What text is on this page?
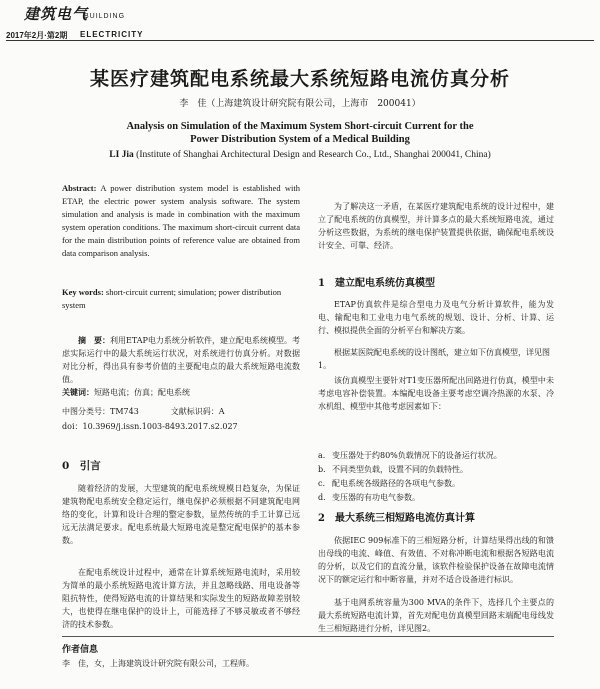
建筑电气
BUILDING
2017年2月·第2期 ELECTRICITY
某医疗建筑配电系统最大系统短路电流仿真分析
李　佳（上海建筑设计研究院有限公司，上海市　200041）
Analysis on Simulation of the Maximum System Short-circuit Current for the
Power Distribution System of a Medical Building
LI Jia (Institute of Shanghai Architectural Design and Research Co., Ltd., Shanghai 200041, China)
Abstract: A power distribution system model is established with ETAP, the electric power system analysis software. The system simulation and analysis is made in combination with the maximum system operation conditions. The maximum short-circuit current data for the main distribution points of reference value are obtained from data comparison analysis.
Key words: short-circuit current; simulation; power distribution system
摘　要：利用ETAP电力系统分析软件，建立配电系统模型。考虑实际运行中的最大系统运行状况，对系统进行仿真分析。对数据对比分析，得出具有参考价值的主要配电点的最大系统短路电流数值。
关键词：短路电流；仿真；配电系统
中图分类号：TM743　　　　文献标识码：A
doi：10.3969/j.issn.1003-8493.2017.s2.027
0　引言
随着经济的发展，大型建筑的配电系统规模日趋复杂，为保证建筑物配电系统安全稳定运行，继电保护必须根据不同建筑配电网络的变化，计算和设计合理的整定参数，显然传统的手工计算已远远无法满足要求。配电系统最大短路电流是整定配电保护的基本参数。
在配电系统设计过程中，通常在计算系统短路电流时，采用较为简单的最小系统短路电流计算方法，并且忽略线路、用电设备等阻抗特性，使得短路电流的计算结果和实际发生的短路故障差别较大，也使得在继电保护的设计上，可能选择了不够灵敏或者不够经济的技术参数。
为了解决这一矛盾，在某医疗建筑配电系统的设计过程中，建立了配电系统的仿真模型，并计算多点的最大系统短路电流，通过分析这些数据，为系统的继电保护装置提供依据，确保配电系统设计安全、可靠、经济。
1　建立配电系统仿真模型
ETAP仿真软件是综合型电力及电气分析计算软件，能为发电、输配电和工业电力电气系统的规划、设计、分析、计算、运行、模拟提供全面的分析平台和解决方案。
根据某医院配电系统的设计图纸，建立如下仿真模型，详见图1。
该仿真模型主要针对T1变压器所配出回路进行仿真，模型中未考虑电容补偿装置。本编配电设备主要考虑空调冷热源的水泵、冷水机组、模型中其他考虑因素如下：
a. 变压器处于约80%负载情况下的设备运行状况。
b. 不同类型负载，设置不同的负载特性。
c. 配电系统各级路径的各项电气参数。
d. 变压器的有功电气参数。
2　最大系统三相短路电流仿真计算
依据IEC 909标准下的三相短路分析，计算结果得出线的和馈出母线的电流、峰值、有效值、不对称冲断电流和根据各短路电流的分析，以及它们的直流分量，该软件检验保护设备在故障电流情况下的额定运行和中断容量，并对不适合设备进行标识。
基于电网系统容量为300 MVA的条件下，选择几个主要点的最大系统短路电流计算，首先对配电仿真模型回路末端配电母线发生三相短路进行分析，详见图2。
作者信息
李　佳，女，上海建筑设计研究院有限公司，工程师。
